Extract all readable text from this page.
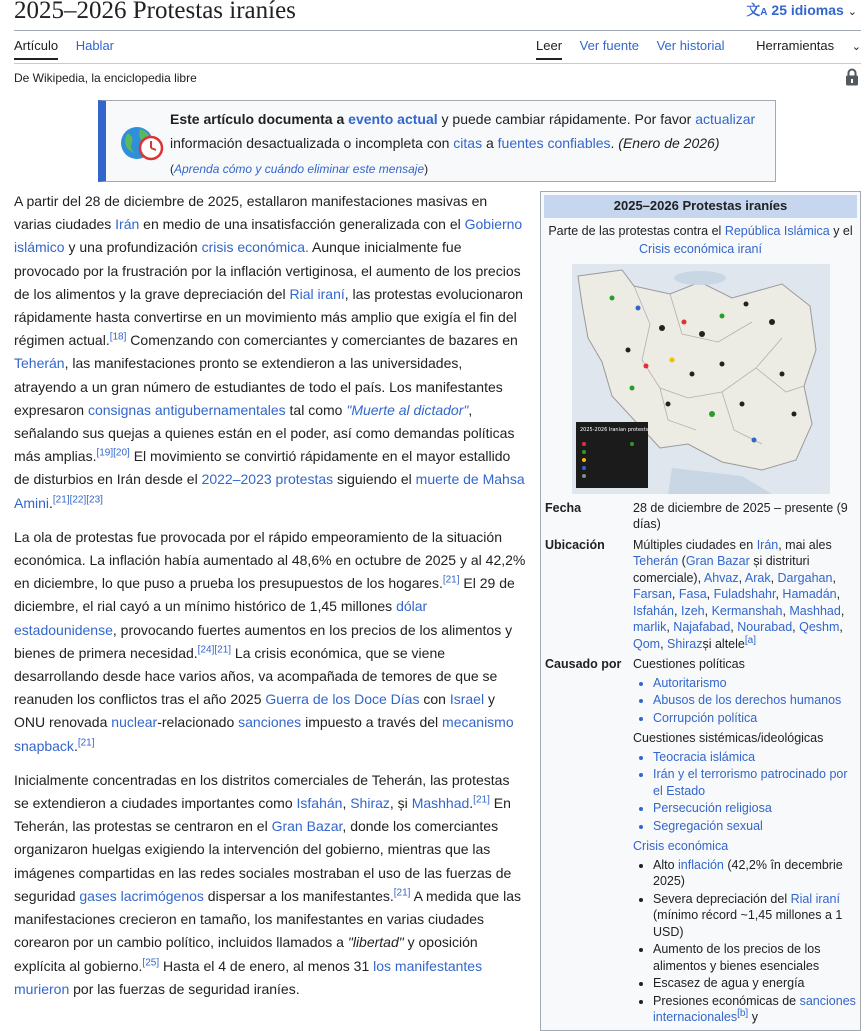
2025–2026 Protestas iraníes	文A 25 idiomas ⌄
Artículo Hablar	Leer Ver fuente Ver historial Herramientas ⌄
De Wikipedia, la enciclopedia libre
Este artículo documenta a evento actual y puede cambiar rápidamente. Por favor actualizar información desactualizada o incompleta con citas a fuentes confiables. (Enero de 2026) (Aprenda cómo y cuándo eliminar este mensaje)

A partir del 28 de diciembre de 2025, estallaron manifestaciones masivas en varias ciudades Irán en medio de una insatisfacción generalizada con el Gobierno islámico y una profundización crisis económica. Aunque inicialmente fue provocado por la frustración por la inflación vertiginosa, el aumento de los precios de los alimentos y la grave depreciación del Rial iraní, las protestas evolucionaron rápidamente hasta convertirse en un movimiento más amplio que exigía el fin del régimen actual.[18] Comenzando con comerciantes y comerciantes de bazares en Teherán, las manifestaciones pronto se extendieron a las universidades, atrayendo a un gran número de estudiantes de todo el país. Los manifestantes expresaron consignas antigubernamentales tal como "Muerte al dictador", señalando sus quejas a quienes están en el poder, así como demandas políticas más amplias.[19][20] El movimiento se convirtió rápidamente en el mayor estallido de disturbios en Irán desde el 2022–2023 protestas siguiendo el muerte de Mahsa Amini.[21][22][23]

La ola de protestas fue provocada por el rápido empeoramiento de la situación económica. La inflación había aumentado al 48,6% en octubre de 2025 y al 42,2% en diciembre, lo que puso a prueba los presupuestos de los hogares.[21] El 29 de diciembre, el rial cayó a un mínimo histórico de 1,45 millones dólar estadounidense, provocando fuertes aumentos en los precios de los alimentos y bienes de primera necesidad.[24][21] La crisis económica, que se viene desarrollando desde hace varios años, va acompañada de temores de que se reanuden los conflictos tras el año 2025 Guerra de los Doce Días con Israel y ONU renovada nuclear-relacionado sanciones impuesto a través del mecanismo snapback.[21]

Inicialmente concentradas en los distritos comerciales de Teherán, las protestas se extendieron a ciudades importantes como Isfahán, Shiraz, și Mashhad.[21] En Teherán, las protestas se centraron en el Gran Bazar, donde los comerciantes organizaron huelgas exigiendo la intervención del gobierno, mientras que las imágenes compartidas en las redes sociales mostraban el uso de las fuerzas de seguridad gases lacrimógenos dispersar a los manifestantes.[21] A medida que las manifestaciones crecieron en tamaño, los manifestantes en varias ciudades corearon por un cambio político, incluidos llamados a "libertad" y oposición explícita al gobierno.[25] Hasta el 4 de enero, al menos 31 los manifestantes murieron por las fuerzas de seguridad iraníes.

2025–2026 Protestas iraníes
Parte de las protestas contra el República Islámica y el Crisis económica iraní
2025-2026 Iranian protests
Fecha	28 de diciembre de 2025 – presente (9 días)
Ubicación	Múltiples ciudades en Irán, mai ales Teherán (Gran Bazar și distrituri comerciale), Ahvaz, Arak, Dargahan, Farsan, Fasa, Fuladshahr, Hamadán, Isfahán, Izeh, Kermanshah, Mashhad, marlik, Najafabad, Nourabad, Qeshm, Qom, Shirazși altele[a]
Causado por Cuestiones políticas
• Autoritarismo
• Abusos de los derechos humanos
• Corrupción política
Cuestiones sistémicas/ideológicas
• Teocracia islámica
• Irán y el terrorismo patrocinado por el Estado
• Persecución religiosa
• Segregación sexual
Crisis económica
• Alto inflación (42,2% în decembrie 2025)
• Severa depreciación del Rial iraní (mínimo récord ~1,45 millones a 1 USD)
• Aumento de los precios de los alimentos y bienes esenciales
• Escasez de agua y energía
• Presiones económicas de sanciones internacionales[b] y
